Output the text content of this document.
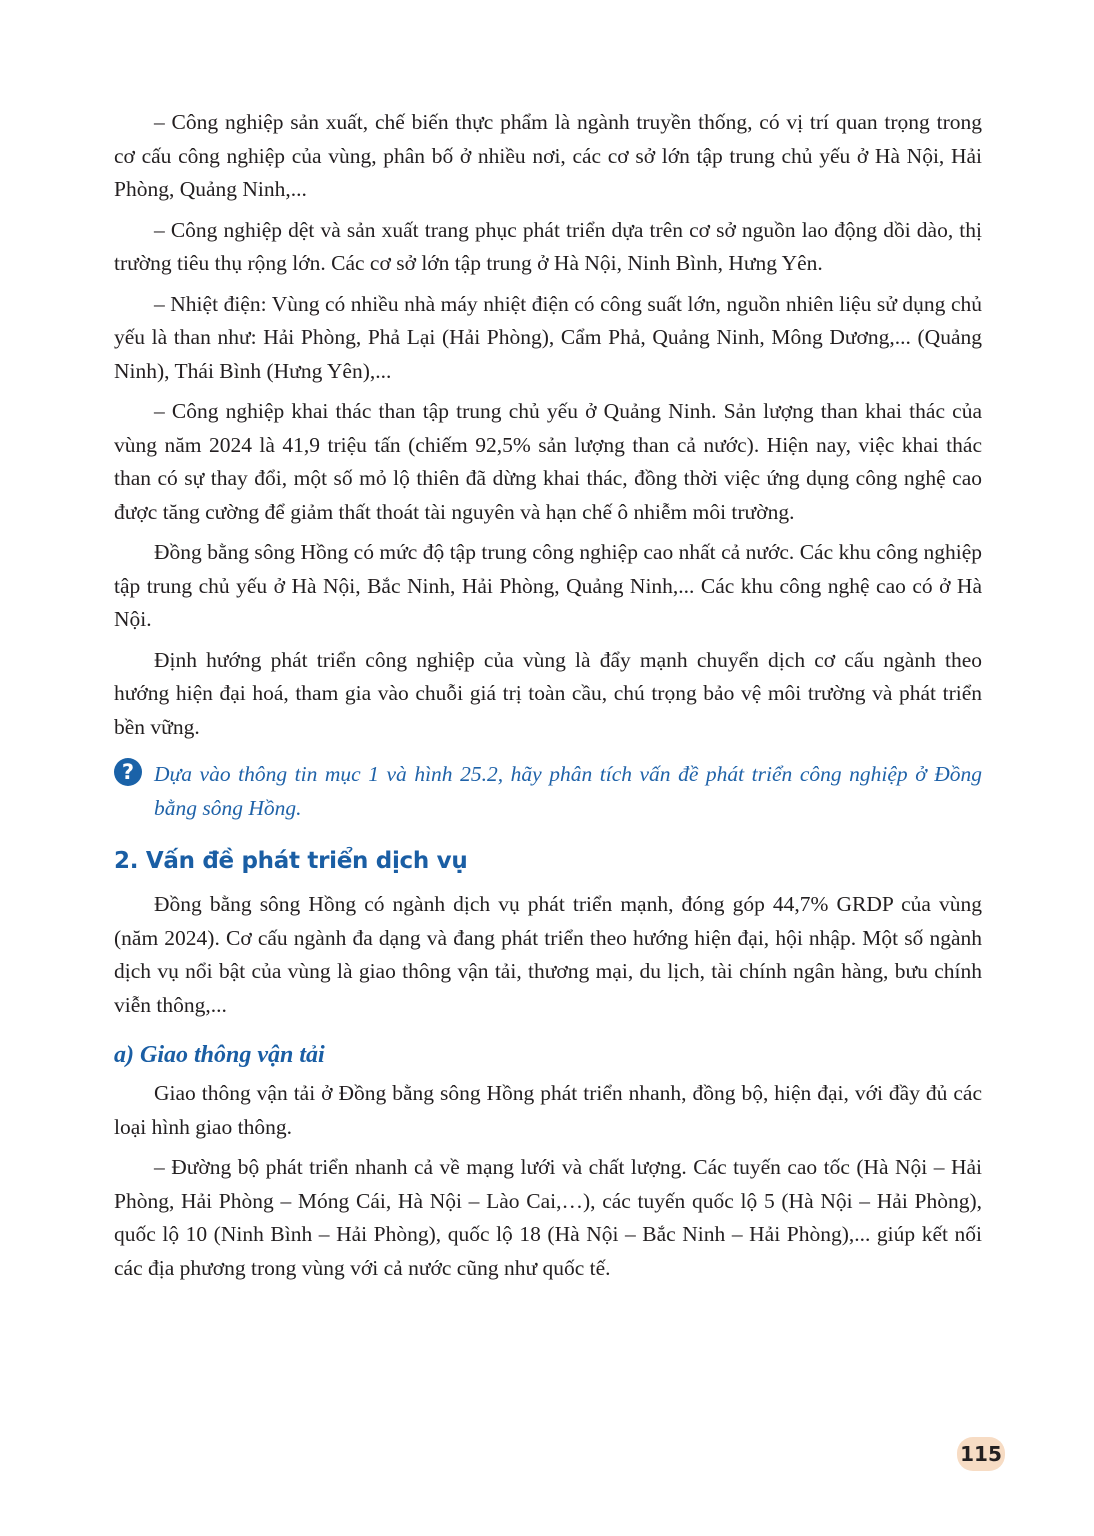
– Công nghiệp sản xuất, chế biến thực phẩm là ngành truyền thống, có vị trí quan trọng trong cơ cấu công nghiệp của vùng, phân bố ở nhiều nơi, các cơ sở lớn tập trung chủ yếu ở Hà Nội, Hải Phòng, Quảng Ninh,...

– Công nghiệp dệt và sản xuất trang phục phát triển dựa trên cơ sở nguồn lao động dồi dào, thị trường tiêu thụ rộng lớn. Các cơ sở lớn tập trung ở Hà Nội, Ninh Bình, Hưng Yên.

– Nhiệt điện: Vùng có nhiều nhà máy nhiệt điện có công suất lớn, nguồn nhiên liệu sử dụng chủ yếu là than như: Hải Phòng, Phả Lại (Hải Phòng), Cẩm Phả, Quảng Ninh, Mông Dương,... (Quảng Ninh), Thái Bình (Hưng Yên),...

– Công nghiệp khai thác than tập trung chủ yếu ở Quảng Ninh. Sản lượng than khai thác của vùng năm 2024 là 41,9 triệu tấn (chiếm 92,5% sản lượng than cả nước). Hiện nay, việc khai thác than có sự thay đổi, một số mỏ lộ thiên đã dừng khai thác, đồng thời việc ứng dụng công nghệ cao được tăng cường để giảm thất thoát tài nguyên và hạn chế ô nhiễm môi trường.

Đồng bằng sông Hồng có mức độ tập trung công nghiệp cao nhất cả nước. Các khu công nghiệp tập trung chủ yếu ở Hà Nội, Bắc Ninh, Hải Phòng, Quảng Ninh,... Các khu công nghệ cao có ở Hà Nội.

Định hướng phát triển công nghiệp của vùng là đẩy mạnh chuyển dịch cơ cấu ngành theo hướng hiện đại hoá, tham gia vào chuỗi giá trị toàn cầu, chú trọng bảo vệ môi trường và phát triển bền vững.

? Dựa vào thông tin mục 1 và hình 25.2, hãy phân tích vấn đề phát triển công nghiệp ở Đồng bằng sông Hồng.

2. Vấn đề phát triển dịch vụ

Đồng bằng sông Hồng có ngành dịch vụ phát triển mạnh, đóng góp 44,7% GRDP của vùng (năm 2024). Cơ cấu ngành đa dạng và đang phát triển theo hướng hiện đại, hội nhập. Một số ngành dịch vụ nổi bật của vùng là giao thông vận tải, thương mại, du lịch, tài chính ngân hàng, bưu chính viễn thông,...

a) Giao thông vận tải

Giao thông vận tải ở Đồng bằng sông Hồng phát triển nhanh, đồng bộ, hiện đại, với đầy đủ các loại hình giao thông.

– Đường bộ phát triển nhanh cả về mạng lưới và chất lượng. Các tuyến cao tốc (Hà Nội – Hải Phòng, Hải Phòng – Móng Cái, Hà Nội – Lào Cai,…), các tuyến quốc lộ 5 (Hà Nội – Hải Phòng), quốc lộ 10 (Ninh Bình – Hải Phòng), quốc lộ 18 (Hà Nội – Bắc Ninh – Hải Phòng),... giúp kết nối các địa phương trong vùng với cả nước cũng như quốc tế.

115
